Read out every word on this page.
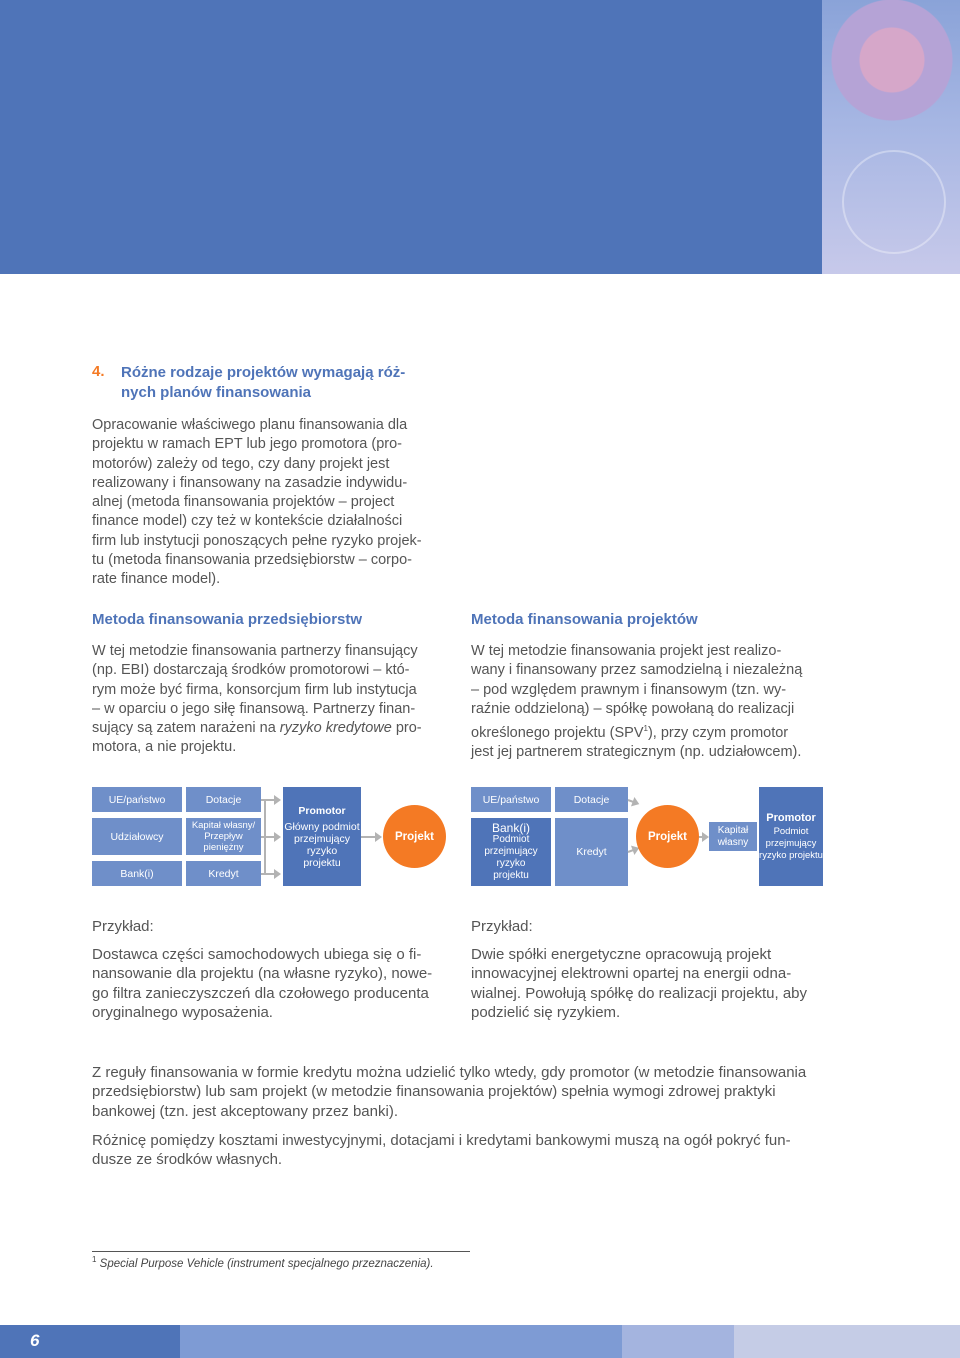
4. Różne rodzaje projektów wymagają róż-
nych planów finansowania
Opracowanie właściwego planu finansowania dla
projektu w ramach EPT lub jego promotora (pro-
motorów) zależy od tego, czy dany projekt jest
realizowany i finansowany na zasadzie indywidu-
alnej (metoda finansowania projektów – project
finance model) czy też w kontekście działalności
firm lub instytucji ponoszących pełne ryzyko projek-
tu (metoda finansowania przedsiębiorstw – corpo-
rate finance model).
Metoda finansowania przedsiębiorstw
W tej metodzie finansowania partnerzy finansujący
(np. EBI) dostarczają środków promotorowi – któ-
rym może być firma, konsorcjum firm lub instytucja
– w oparciu o jego siłę finansową. Partnerzy finan-
sujący są zatem narażeni na ryzyko kredytowe pro-
motora, a nie projektu.
Metoda finansowania projektów
W tej metodzie finansowania projekt jest realizo-
wany i finansowany przez samodzielną i niezależną
– pod względem prawnym i finansowym (tzn. wy-
raźnie oddzieloną) – spółkę powołaną do realizacji
określonego projektu (SPV$^1$), przy czym promotor
jest jej partnerem strategicznym (np. udziałowcem).
UE/państwo
Udziałowcy
Bank(i)
Dotacje
Kapitał własny/
Przepływ
pieniężny
Kredyt
Promotor
Główny podmiot
przejmujący ryzyko
projektu
Projekt
UE/państwo
Bank(i)
Podmiot
przejmujący ryzyko
projektu
Dotacje
Kredyt
Projekt
Kapitał
własny
Promotor
Podmiot
przejmujący
ryzyko projektu
Przykład:
Dostawca części samochodowych ubiega się o fi-
nansowanie dla projektu (na własne ryzyko), nowe-
go filtra zanieczyszczeń dla czołowego producenta
oryginalnego wyposażenia.
Przykład:
Dwie spółki energetyczne opracowują projekt
innowacyjnej elektrowni opartej na energii odna-
wialnej. Powołują spółkę do realizacji projektu, aby
podzielić się ryzykiem.
Z reguły finansowania w formie kredytu można udzielić tylko wtedy, gdy promotor (w metodzie finansowania
przedsiębiorstw) lub sam projekt (w metodzie finansowania projektów) spełnia wymogi zdrowej praktyki
bankowej (tzn. jest akceptowany przez banki).
Różnicę pomiędzy kosztami inwestycyjnymi, dotacjami i kredytami bankowymi muszą na ogół pokryć fun-
dusze ze środków własnych.
$^1$ Special Purpose Vehicle (instrument specjalnego przeznaczenia).
6
